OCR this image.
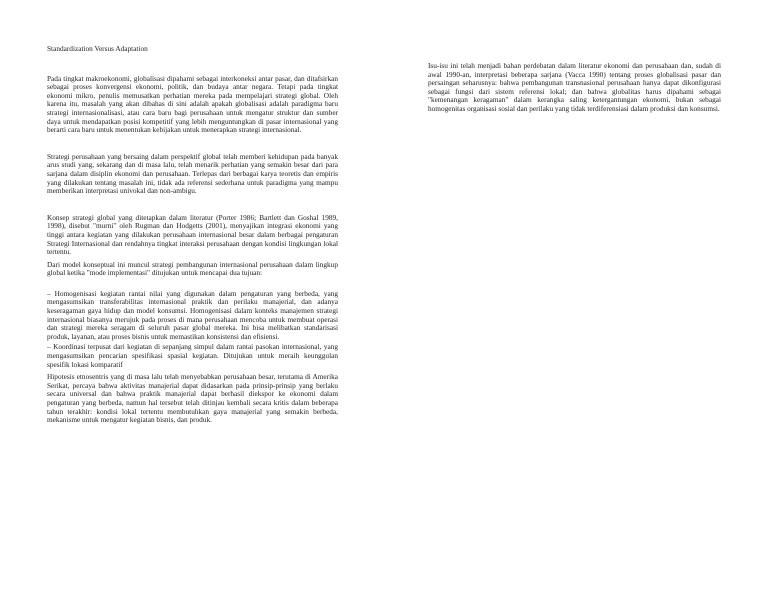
Standardization Versus Adaptation

Pada tingkat makroekonomi, globalisasi dipahami sebagai interkoneksi antar pasar, dan ditafsirkan sebagai proses konvergensi ekonomi, politik, dan budaya antar negara. Tetapi pada tingkat ekonomi mikro, penulis memusatkan perhatian mereka pada mempelajari strategi global. Oleh karena itu, masalah yang akan dibahas di sini adalah apakah globalisasi adalah paradigma baru strategi internasionalisasi, atau cara baru bagi perusahaan untuk mengatur struktur dan sumber daya untuk mendapatkan posisi kompetitif yang lebih menguntungkan di pasar internasional yang berarti cara baru untuk menentukan kebijakan untuk menerapkan strategi internasional.

Strategi perusahaan yang bersaing dalam perspektif global telah memberi kehidupan pada banyak arus studi yang, sekarang dan di masa lalu, telah menarik perhatian yang semakin besar dari para sarjana dalam disiplin ekonomi dan perusahaan. Terlepas dari berbagai karya teoretis dan empiris yang dilakukan tentang masalah ini, tidak ada referensi sederhana untuk paradigma yang mampu memberikan interpretasi univokal dan non-ambigu.

Konsep strategi global yang ditetapkan dalam literatur (Porter 1986; Bartlett dan Goshal 1989, 1998), disebut "murni" oleh Rugman dan Hodgetts (2001), menyajikan integrasi ekonomi yang tinggi antara kegiatan yang dilakukan perusahaan internasional besar dalam berbagai pengaturan Strategi Internasional dan rendahnya tingkat interaksi perusahaan dengan kondisi lingkungan lokal tertentu.

Dari model konseptual ini muncul strategi pembangunan internasional perusahaan dalam lingkup global ketika "mode implementasi" ditujukan untuk mencapai dua tujuan:

– Homogenisasi kegiatan rantai nilai yang digunakan dalam pengaturan yang berbeda, yang mengasumsikan transferabilitas internasional praktik dan perilaku manajerial, dan adanya keseragaman gaya hidup dan model konsumsi. Homogenisasi dalam konteks manajemen strategi internasional biasanya merujuk pada proses di mana perusahaan mencoba untuk membuat operasi dan strategi mereka seragam di seluruh pasar global mereka. Ini bisa melibatkan standarisasi produk, layanan, atau proses bisnis untuk memastikan konsistensi dan efisiensi.

– Koordinasi terpusat dari kegiatan di sepanjang simpul dalam rantai pasokan internasional, yang mengasumsikan pencarian spesifikasi spasial kegiatan. Ditujukan untuk meraih keunggulan spesifik lokasi komparatif

Hipotesis etnosentris yang di masa lalu telah menyebabkan perusahaan besar, terutama di Amerika Serikat, percaya bahwa aktivitas manajerial dapat didasarkan pada prinsip-prinsip yang berlaku secara universal dan bahwa praktik manajerial dapat berhasil diekspor ke ekonomi dalam pengaturan yang berbeda, namun hal tersebut telah ditinjau kembali secara kritis dalam beberapa tahun terakhir: kondisi lokal tertentu membutuhkan gaya manajerial yang semakin berbeda, mekanisme untuk mengatur kegiatan bisnis, dan produk.

Isu-isu ini telah menjadi bahan perdebatan dalam literatur ekonomi dan perusahaan dan, sudah di awal 1990-an, interpretasi beberapa sarjana (Vacca 1990) tentang proses globalisasi pasar dan persaingan seharusnya: bahwa pembangunan transnasional perusahaan hanya dapat dikonfigurasi sebagai fungsi dari sistem referensi lokal; dan bahwa globalitas harus dipahami sebagai "kemenangan keragaman" dalam kerangka saling ketergantungan ekonomi, bukan sebagai homogenitas organisasi sosial dan perilaku yang tidak terdiferensiasi dalam produksi dan konsumsi.
